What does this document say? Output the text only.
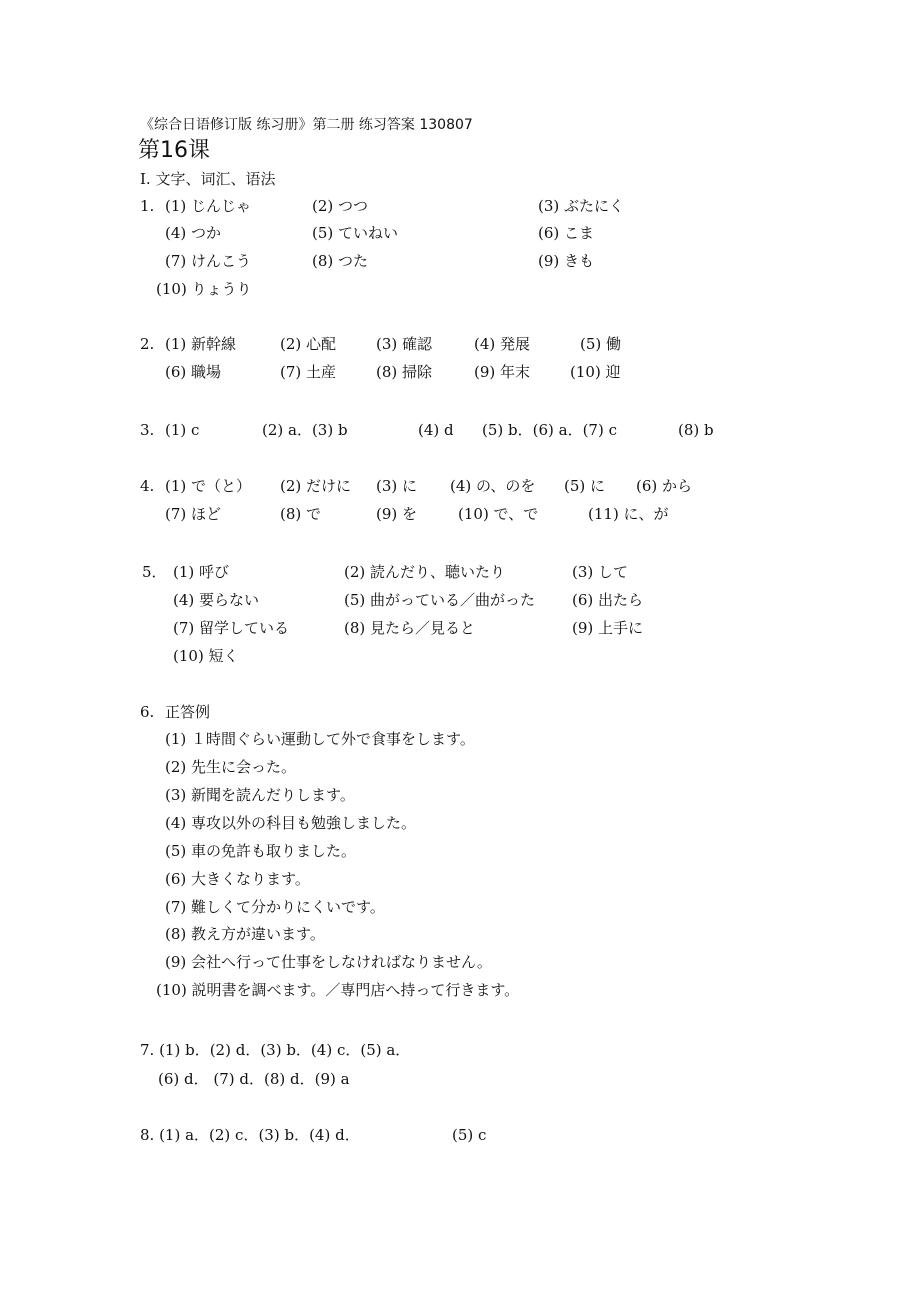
《综合日语修订版 练习册》第二册 练习答案 130807
第16课
I. 文字、词汇、语法
1. (1) じんじゃ	(2) つつ	(3) ぶたにく
(4) つか	(5) ていねい	(6) こま
(7) けんこう	(8) つた	(9) きも
(10) りょうり
2. (1) 新幹線	(2) 心配	(3) 確認	(4) 発展	(5) 働
(6) 職場	(7) 土産	(8) 掃除	(9) 年末	(10) 迎
3. (1) c	(2) a．(3) b	(4) d (5) b．(6) a．(7) c	(8) b
4. (1) で（と） (2) だけに (3) に (4) の、のを (5) に (6) から
(7) ほど	(8) で	(9) を	(10) で、で	(11) に、が
5． (1) 呼び	(2) 読んだり、聴いたり	(3) して
(4) 要らない	(5) 曲がっている／曲がった (6) 出たら
(7) 留学している	(8) 見たら／見ると	(9) 上手に
(10) 短く
6. 正答例
(1) １時間ぐらい運動して外で食事をします。
(2) 先生に会った。
(3) 新聞を読んだりします。
(4) 専攻以外の科目も勉強しました。
(5) 車の免許も取りました。
(6) 大きくなります。
(7) 難しくて分かりにくいです。
(8) 教え方が違います。
(9) 会社へ行って仕事をしなければなりません。
(10) 説明書を調べます。／専門店へ持って行きます。
7. (1) b．(2) d．(3) b．(4) c．(5) a．
(6) d． (7) d．(8) d．(9) a
8. (1) a．(2) c．(3) b．(4) d．	(5) c
